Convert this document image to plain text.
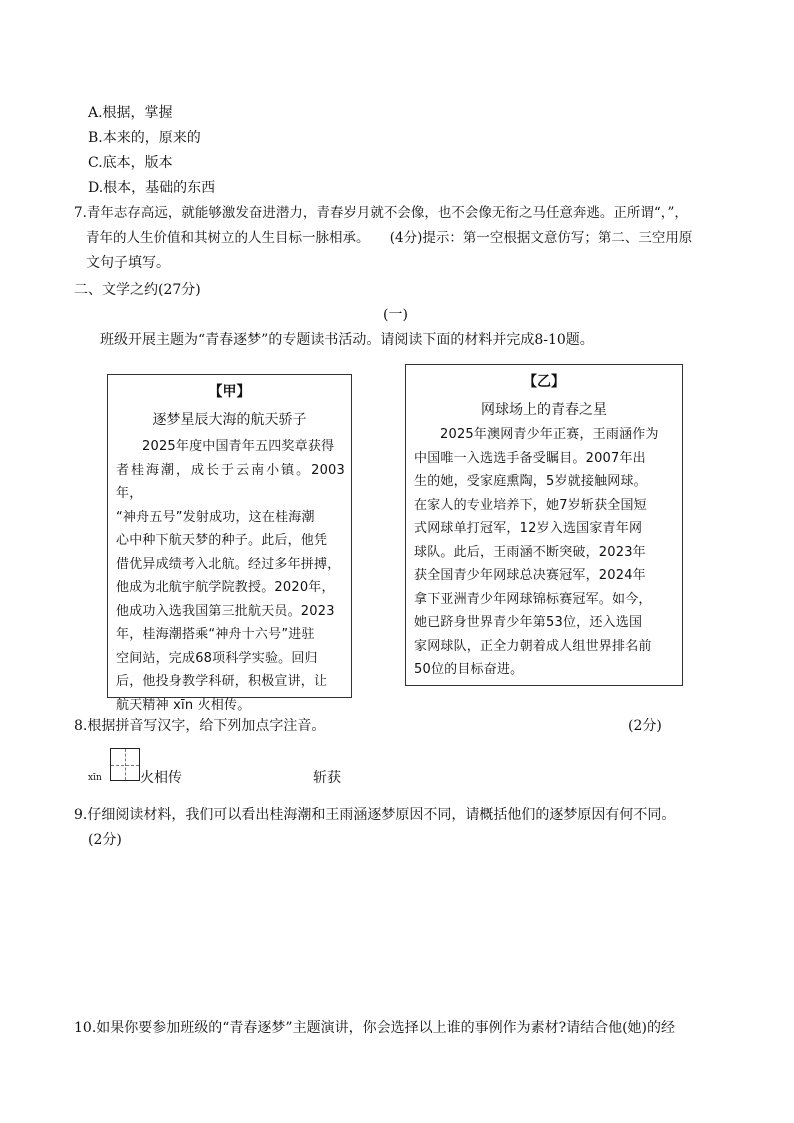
A.根据，掌握
B.本来的，原来的
C.底本，版本
D.根本，基础的东西
7.青年志存高远，就能够激发奋进潜力，青春岁月就不会像，也不会像无衔之马任意奔逃。正所谓“，”，
青年的人生价值和其树立的人生目标一脉相承。　　(4分)提示：第一空根据文意仿写；第二、三空用原
文句子填写。
二、文学之约(27分)
(一)
班级开展主题为“青春逐梦”的专题读书活动。请阅读下面的材料并完成8-10题。
【甲】
逐梦星辰大海的航天骄子
2025年度中国青年五四奖章获得
者桂海潮，成长于云南小镇。2003年，
“神舟五号”发射成功，这在桂海潮
心中种下航天梦的种子。此后，他凭
借优异成绩考入北航。经过多年拼搏，
他成为北航宇航学院教授。2020年，
他成功入选我国第三批航天员。2023
年，桂海潮搭乘“神舟十六号”进驻
空间站，完成68项科学实验。回归
后，他投身教学科研，积极宣讲，让
航天精神 xīn 火相传。
【乙】
网球场上的青春之星
2025年澳网青少年正赛，王雨涵作为
中国唯一入选选手备受瞩目。2007年出
生的她，受家庭熏陶，5岁就接触网球。
在家人的专业培养下，她7岁斩获全国短
式网球单打冠军，12岁入选国家青年网
球队。此后，王雨涵不断突破，2023年
获全国青少年网球总决赛冠军，2024年
拿下亚洲青少年网球锦标赛冠军。如今，
她已跻身世界青少年第53位，还入选国
家网球队，正全力朝着成人组世界排名前
50位的目标奋进。
8.根据拼音写汉字，给下列加点字注音。	(2分)
xīn	火相传	斩获
9.仔细阅读材料，我们可以看出桂海潮和王雨涵逐梦原因不同，请概括他们的逐梦原因有何不同。
(2分)
10.如果你要参加班级的“青春逐梦”主题演讲，你会选择以上谁的事例作为素材?请结合他(她)的经
